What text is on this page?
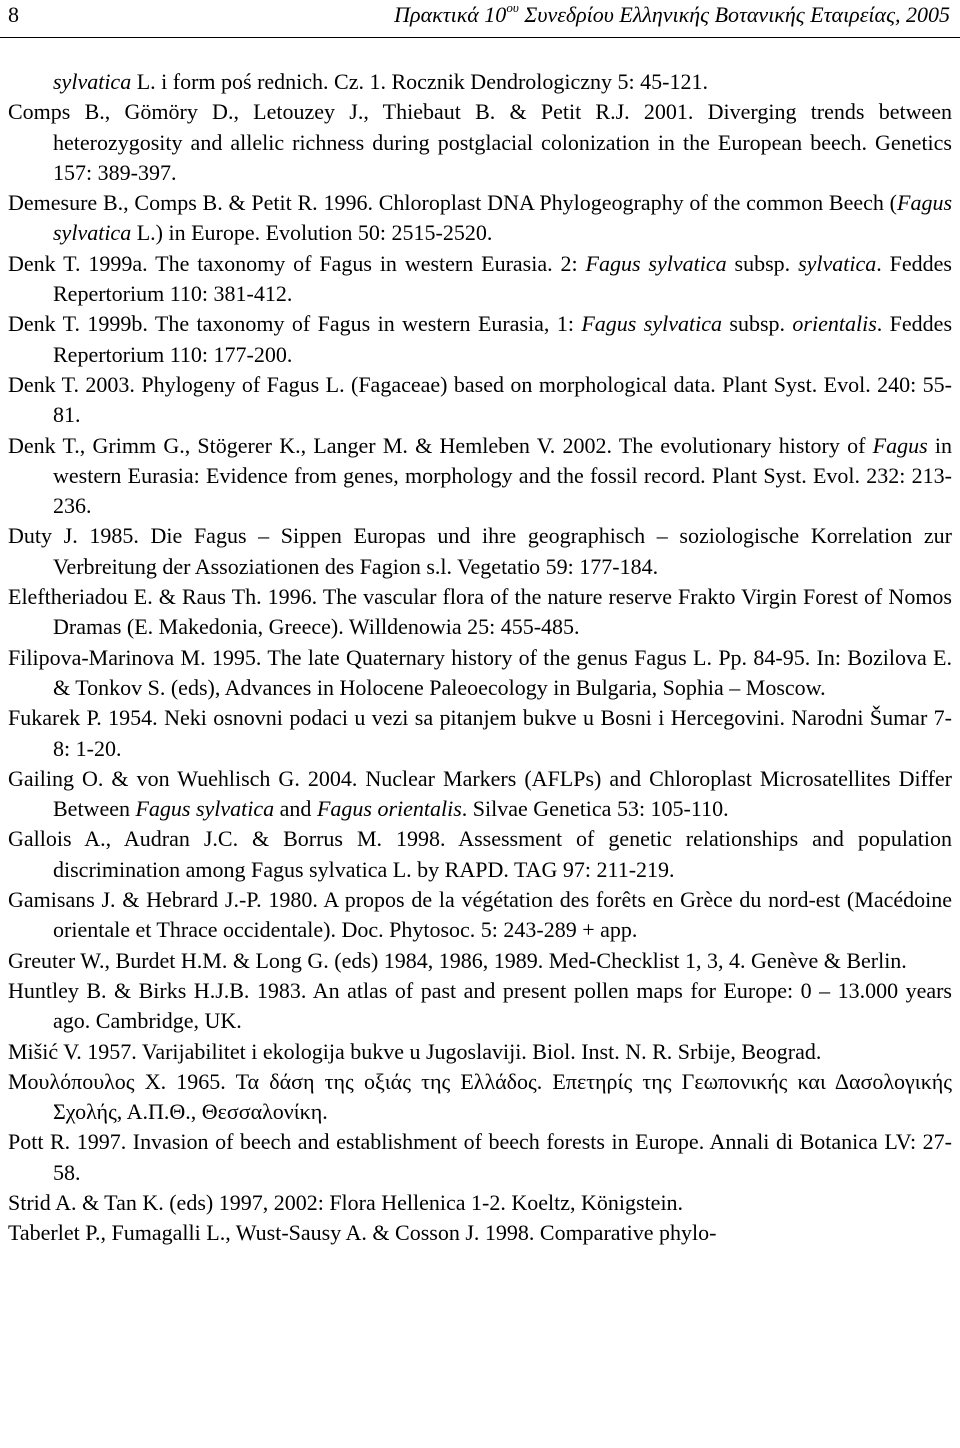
8	Πρακτικά $10^{o\upsilon}$ Συνεδρίου Ελληνικής Βοτανικής Εταιρείας, 2005

sylvatica L. i form poś rednich. Cz. 1. Rocznik Dendrologiczny 5: 45-121.

Comps B., Gömöry D., Letouzey J., Thiebaut B. & Petit R.J. 2001. Diverging trends between heterozygosity and allelic richness during postglacial colonization in the European beech. Genetics 157: 389-397.

Demesure B., Comps B. & Petit R. 1996. Chloroplast DNA Phylogeography of the common Beech (Fagus sylvatica L.) in Europe. Evolution 50: 2515-2520.

Denk T. 1999a. The taxonomy of Fagus in western Eurasia. 2: Fagus sylvatica subsp. sylvatica. Feddes Repertorium 110: 381-412.

Denk T. 1999b. The taxonomy of Fagus in western Eurasia, 1: Fagus sylvatica subsp. orientalis. Feddes Repertorium 110: 177-200.

Denk T. 2003. Phylogeny of Fagus L. (Fagaceae) based on morphological data. Plant Syst. Evol. 240: 55-81.

Denk T., Grimm G., Stögerer K., Langer M. & Hemleben V. 2002. The evolutionary history of Fagus in western Eurasia: Evidence from genes, morphology and the fossil record. Plant Syst. Evol. 232: 213-236.

Duty J. 1985. Die Fagus – Sippen Europas und ihre geographisch – soziologische Korrelation zur Verbreitung der Assoziationen des Fagion s.l. Vegetatio 59: 177-184.

Eleftheriadou E. & Raus Th. 1996. The vascular flora of the nature reserve Frakto Virgin Forest of Nomos Dramas (E. Makedonia, Greece). Willdenowia 25: 455-485.

Filipova-Marinova M. 1995. The late Quaternary history of the genus Fagus L. Pp. 84-95. In: Bozilova E. & Tonkov S. (eds), Advances in Holocene Paleoecology in Bulgaria, Sophia – Moscow.

Fukarek P. 1954. Neki osnovni podaci u vezi sa pitanjem bukve u Bosni i Hercegovini. Narodni Šumar 7-8: 1-20.

Gailing O. & von Wuehlisch G. 2004. Nuclear Markers (AFLPs) and Chloroplast Microsatellites Differ Between Fagus sylvatica and Fagus orientalis. Silvae Genetica 53: 105-110.

Gallois A., Audran J.C. & Borrus M. 1998. Assessment of genetic relationships and population discrimination among Fagus sylvatica L. by RAPD. TAG 97: 211-219.

Gamisans J. & Hebrard J.-P. 1980. A propos de la végétation des forêts en Grèce du nord-est (Macédoine orientale et Thrace occidentale). Doc. Phytosoc. 5: 243-289 + app.

Greuter W., Burdet H.M. & Long G. (eds) 1984, 1986, 1989. Med-Checklist 1, 3, 4. Genève & Berlin.

Huntley B. & Birks H.J.B. 1983. An atlas of past and present pollen maps for Europe: 0 – 13.000 years ago. Cambridge, UK.

Mišić V. 1957. Varijabilitet i ekologija bukve u Jugoslaviji. Biol. Inst. N. R. Srbije, Beograd.

Μουλόπουλος Χ. 1965. Τα δάση της οξιάς της Ελλάδος. Επετηρίς της Γεωπονικής και Δασολογικής Σχολής, Α.Π.Θ., Θεσσαλονίκη.

Pott R. 1997. Invasion of beech and establishment of beech forests in Europe. Annali di Botanica LV: 27-58.

Strid A. & Tan K. (eds) 1997, 2002: Flora Hellenica 1-2. Koeltz, Königstein.

Taberlet P., Fumagalli L., Wust-Sausy A. & Cosson J. 1998. Comparative phylo-
